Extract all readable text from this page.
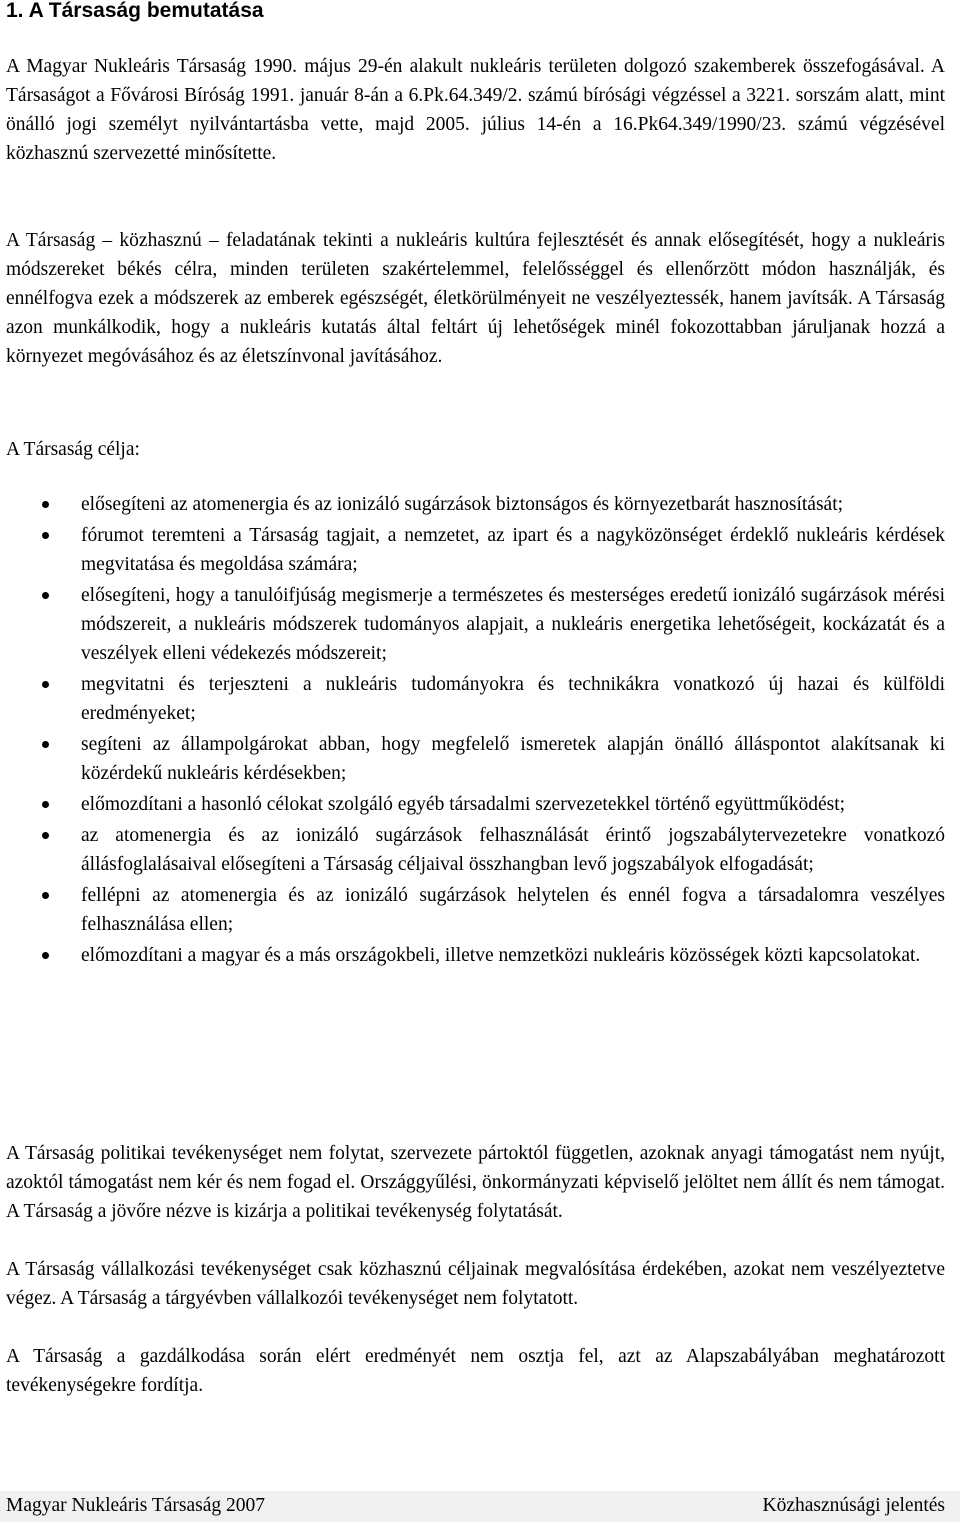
1. A Társaság bemutatása

A Magyar Nukleáris Társaság 1990. május 29-én alakult nukleáris területen dolgozó szakemberek összefogásával. A Társaságot a Fővárosi Bíróság 1991. január 8-án a 6.Pk.64.349/2. számú bírósági végzéssel a 3221. sorszám alatt, mint önálló jogi személyt nyilvántartásba vette, majd 2005. július 14-én a 16.Pk64.349/1990/23. számú végzésével közhasznú szervezetté minősítette.

A Társaság – közhasznú – feladatának tekinti a nukleáris kultúra fejlesztését és annak elősegítését, hogy a nukleáris módszereket békés célra, minden területen szakértelemmel, felelősséggel és ellenőrzött módon használják, és ennélfogva ezek a módszerek az emberek egészségét, életkörülményeit ne veszélyeztessék, hanem javítsák. A Társaság azon munkálkodik, hogy a nukleáris kutatás által feltárt új lehetőségek minél fokozottabban járuljanak hozzá a környezet megóvásához és az életszínvonal javításához.

A Társaság célja:

elősegíteni az atomenergia és az ionizáló sugárzások biztonságos és környezetbarát hasznosítását;
fórumot teremteni a Társaság tagjait, a nemzetet, az ipart és a nagyközönséget érdeklő nukleáris kérdések megvitatása és megoldása számára;
elősegíteni, hogy a tanulóifjúság megismerje a természetes és mesterséges eredetű ionizáló sugárzások mérési módszereit, a nukleáris módszerek tudományos alapjait, a nukleáris energetika lehetőségeit, kockázatát és a veszélyek elleni védekezés módszereit;
megvitatni és terjeszteni a nukleáris tudományokra és technikákra vonatkozó új hazai és külföldi eredményeket;
segíteni az állampolgárokat abban, hogy megfelelő ismeretek alapján önálló álláspontot alakítsanak ki közérdekű nukleáris kérdésekben;
előmozdítani a hasonló célokat szolgáló egyéb társadalmi szervezetekkel történő együttműködést;
az atomenergia és az ionizáló sugárzások felhasználását érintő jogszabálytervezetekre vonatkozó állásfoglalásaival elősegíteni a Társaság céljaival összhangban levő jogszabályok elfogadását;
fellépni az atomenergia és az ionizáló sugárzások helytelen és ennél fogva a társadalomra veszélyes felhasználása ellen;
előmozdítani a magyar és a más országokbeli, illetve nemzetközi nukleáris közösségek közti kapcsolatokat.

A Társaság politikai tevékenységet nem folytat, szervezete pártoktól független, azoknak anyagi támogatást nem nyújt, azoktól támogatást nem kér és nem fogad el. Országgyűlési, önkormányzati képviselő jelöltet nem állít és nem támogat. A Társaság a jövőre nézve is kizárja a politikai tevékenység folytatását.

A Társaság vállalkozási tevékenységet csak közhasznú céljainak megvalósítása érdekében, azokat nem veszélyeztetve végez. A Társaság a tárgyévben vállalkozói tevékenységet nem folytatott.

A Társaság a gazdálkodása során elért eredményét nem osztja fel, azt az Alapszabályában meghatározott tevékenységekre fordítja.

Magyar Nukleáris Társaság 2007	Közhasznúsági jelentés
